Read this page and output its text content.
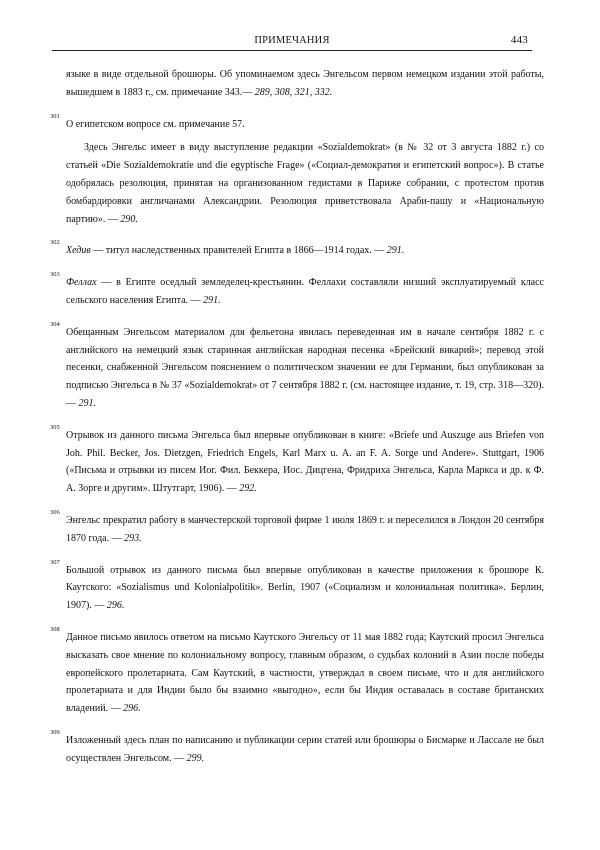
ПРИМЕЧАНИЯ	443

языке в виде отдельной брошюры. Об упоминаемом здесь Энгельсом первом немецком издании этой работы, вышедшем в 1883 г., см. примечание 343.— 289, 308, 321, 332.

301
О египетском вопросе см. примечание 57.

Здесь Энгельс имеет в виду выступление редакции «Sozialdemokrat» (в № 32 от 3 августа 1882 г.) со статьей «Die Sozialdemokratie und die egyptische Frage» («Социал-демократия и египетский вопрос»). В статье одобрялась резолюция, принятая на организованном гедистами в Париже собрании, с протестом против бомбардировки англичанами Александрии. Резолюция приветствовала Араби-пашу и «Национальную партию». — 290.

302
Хедив — титул наследственных правителей Египта в 1866—1914 годах. — 291.

303
Феллах — в Египте оседлый земледелец-крестьянин. Феллахи составляли низший эксплуатируемый класс сельского населения Египта. — 291.

304
Обещанным Энгельсом материалом для фельетона явилась переведенная им в начале сентября 1882 г. с английского на немецкий язык старинная английская народная песенка «Брейский викарий»; перевод этой песенки, снабженной Энгельсом пояснением о политическом значении ее для Германии, был опубликован за подписью Энгельса в № 37 «Sozialdemokrat» от 7 сентября 1882 г. (см. настоящее издание, т. 19, стр. 318—320). — 291.

305
Отрывок из данного письма Энгельса был впервые опубликован в книге: «Briefe und Auszuge aus Briefen von Joh. Phil. Becker, Jos. Dietzgen, Friedrich Engels, Karl Marx u. A. an F. A. Sorge und Andere». Stuttgart, 1906 («Письма и отрывки из писем Иог. Фил. Беккера, Иос. Дицгена, Фридриха Энгельса, Карла Маркса и др. к Ф. А. Зорге и другим». Штутгарт, 1906). — 292.

306
Энгельс прекратил работу в манчестерской торговой фирме 1 июля 1869 г. и переселился в Лондон 20 сентября 1870 года. — 293.

307
Большой отрывок из данного письма был впервые опубликован в качестве приложения к брошюре К. Каутского: «Sozialismus und Kolonialpolitik». Berlin, 1907 («Социализм и колониальная политика». Берлин, 1907). — 296.

308
Данное письмо явилось ответом на письмо Каутского Энгельсу от 11 мая 1882 года; Каутский просил Энгельса высказать свое мнение по колониальному вопросу, главным образом, о судьбах колоний в Азии после победы европейского пролетариата. Сам Каутский, в частности, утверждал в своем письме, что и для английского пролетариата и для Индии было бы взаимно «выгодно», если бы Индия оставалась в составе британских владений. — 296.

309
Изложенный здесь план по написанию и публикации серии статей или брошюры о Бисмарке и Лассале не был осуществлен Энгельсом. — 299.
